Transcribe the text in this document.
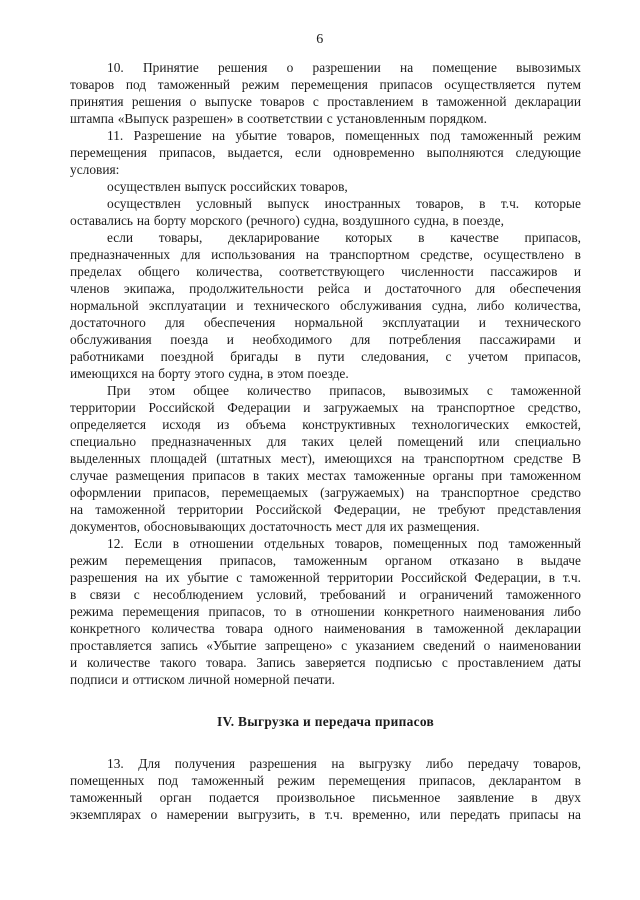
6
10. Принятие решения о разрешении на помещение вывозимых
товаров под таможенный режим перемещения припасов осуществляется путем
принятия решения о выпуске товаров с проставлением в таможенной декларации
штампа «Выпуск разрешен» в соответствии с установленным порядком.
11. Разрешение на убытие товаров, помещенных под таможенный режим
перемещения припасов, выдается, если одновременно выполняются следующие
условия:
осуществлен выпуск российских товаров,
осуществлен условный выпуск иностранных товаров, в т.ч. которые
оставались на борту морского (речного) судна, воздушного судна, в поезде,
если товары, декларирование которых в качестве припасов,
предназначенных для использования на транспортном средстве, осуществлено в
пределах общего количества, соответствующего численности пассажиров и
членов экипажа, продолжительности рейса и достаточного для обеспечения
нормальной эксплуатации и технического обслуживания судна, либо количества,
достаточного для обеспечения нормальной эксплуатации и технического
обслуживания поезда и необходимого для потребления пассажирами и
работниками поездной бригады в пути следования, с учетом припасов,
имеющихся на борту этого судна, в этом поезде.
При этом общее количество припасов, вывозимых с таможенной
территории Российской Федерации и загружаемых на транспортное средство,
определяется исходя из объема конструктивных технологических емкостей,
специально предназначенных для таких целей помещений или специально
выделенных площадей (штатных мест), имеющихся на транспортном средстве В
случае размещения припасов в таких местах таможенные органы при таможенном
оформлении припасов, перемещаемых (загружаемых) на транспортное средство
на таможенной территории Российской Федерации, не требуют представления
документов, обосновывающих достаточность мест для их размещения.
12. Если в отношении отдельных товаров, помещенных под таможенный
режим перемещения припасов, таможенным органом отказано в выдаче
разрешения на их убытие с таможенной территории Российской Федерации, в т.ч.
в связи с несоблюдением условий, требований и ограничений таможенного
режима перемещения припасов, то в отношении конкретного наименования либо
конкретного количества товара одного наименования в таможенной декларации
проставляется запись «Убытие запрещено» с указанием сведений о наименовании
и количестве такого товара. Запись заверяется подписью с проставлением даты
подписи и оттиском личной номерной печати.
IV. Выгрузка и передача припасов
13. Для получения разрешения на выгрузку либо передачу товаров,
помещенных под таможенный режим перемещения припасов, декларантом в
таможенный орган подается произвольное письменное заявление в двух
экземплярах о намерении выгрузить, в т.ч. временно, или передать припасы на
